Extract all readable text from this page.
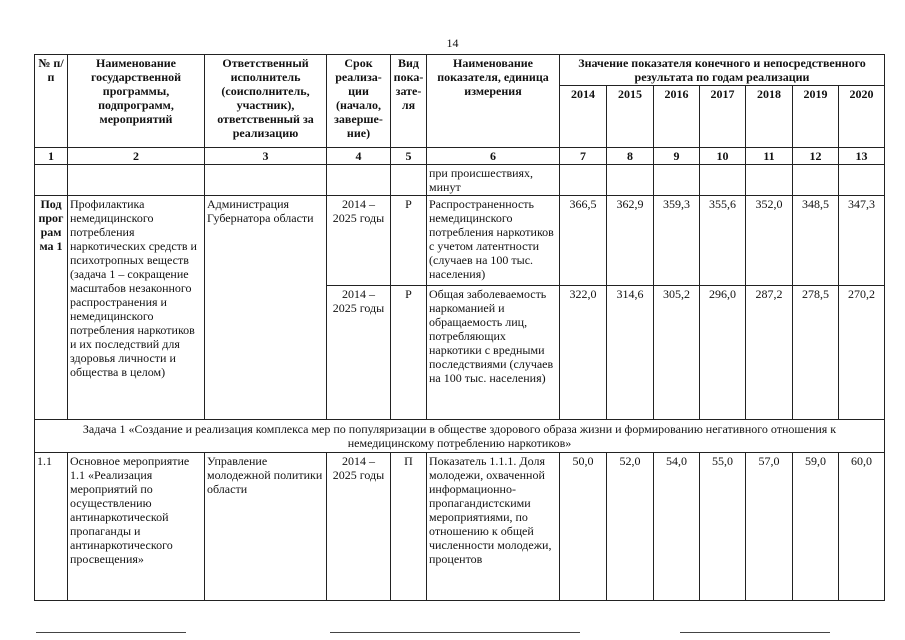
14
№ п/п	Наименование государственной программы, подпрограмм, мероприятий	Ответственный исполнитель (соисполнитель, участник), ответственный за реализацию	Срок реализа- ции (начало, заверше- ние)	Вид пока- зате- ля	Наименование показателя, единица измерения	Значение показателя конечного и непосредственного результата по годам реализации						
						2014	2015	2016	2017	2018	2019	2020
1	2	3	4	5	6	7	8	9	10	11	12	13
					при происшествиях, минут							
Под прог рам ма 1	Профилактика немедицинского потребления наркотических средств и психотропных веществ (задача 1 – сокращение масштабов незаконного распространения и немедицинского потребления наркотиков и их последствий для здоровья личности и общества в целом)	Администрация Губернатора области	2014 – 2025 годы	Р	Распространенность немедицинского потребления наркотиков с учетом латентности (случаев на 100 тыс. населения)	366,5	362,9	359,3	355,6	352,0	348,5	347,3
			2014 – 2025 годы	Р	Общая заболеваемость наркоманией и обращаемость лиц, потребляющих наркотики с вредными последствиями (случаев на 100 тыс. населения)	322,0	314,6	305,2	296,0	287,2	278,5	270,2
Задача 1 «Создание и реализация комплекса мер по популяризации в обществе здорового образа жизни и формированию негативного отношения к немедицинскому потреблению наркотиков»												
1.1	Основное мероприятие 1.1 «Реализация мероприятий по осуществлению антинаркотической пропаганды и антинаркотического просвещения»	Управление молодежной политики области	2014 – 2025 годы	П	Показатель 1.1.1. Доля молодежи, охваченной информационно-пропагандистскими мероприятиями, по отношению к общей численности молодежи, процентов	50,0	52,0	54,0	55,0	57,0	59,0	60,0
